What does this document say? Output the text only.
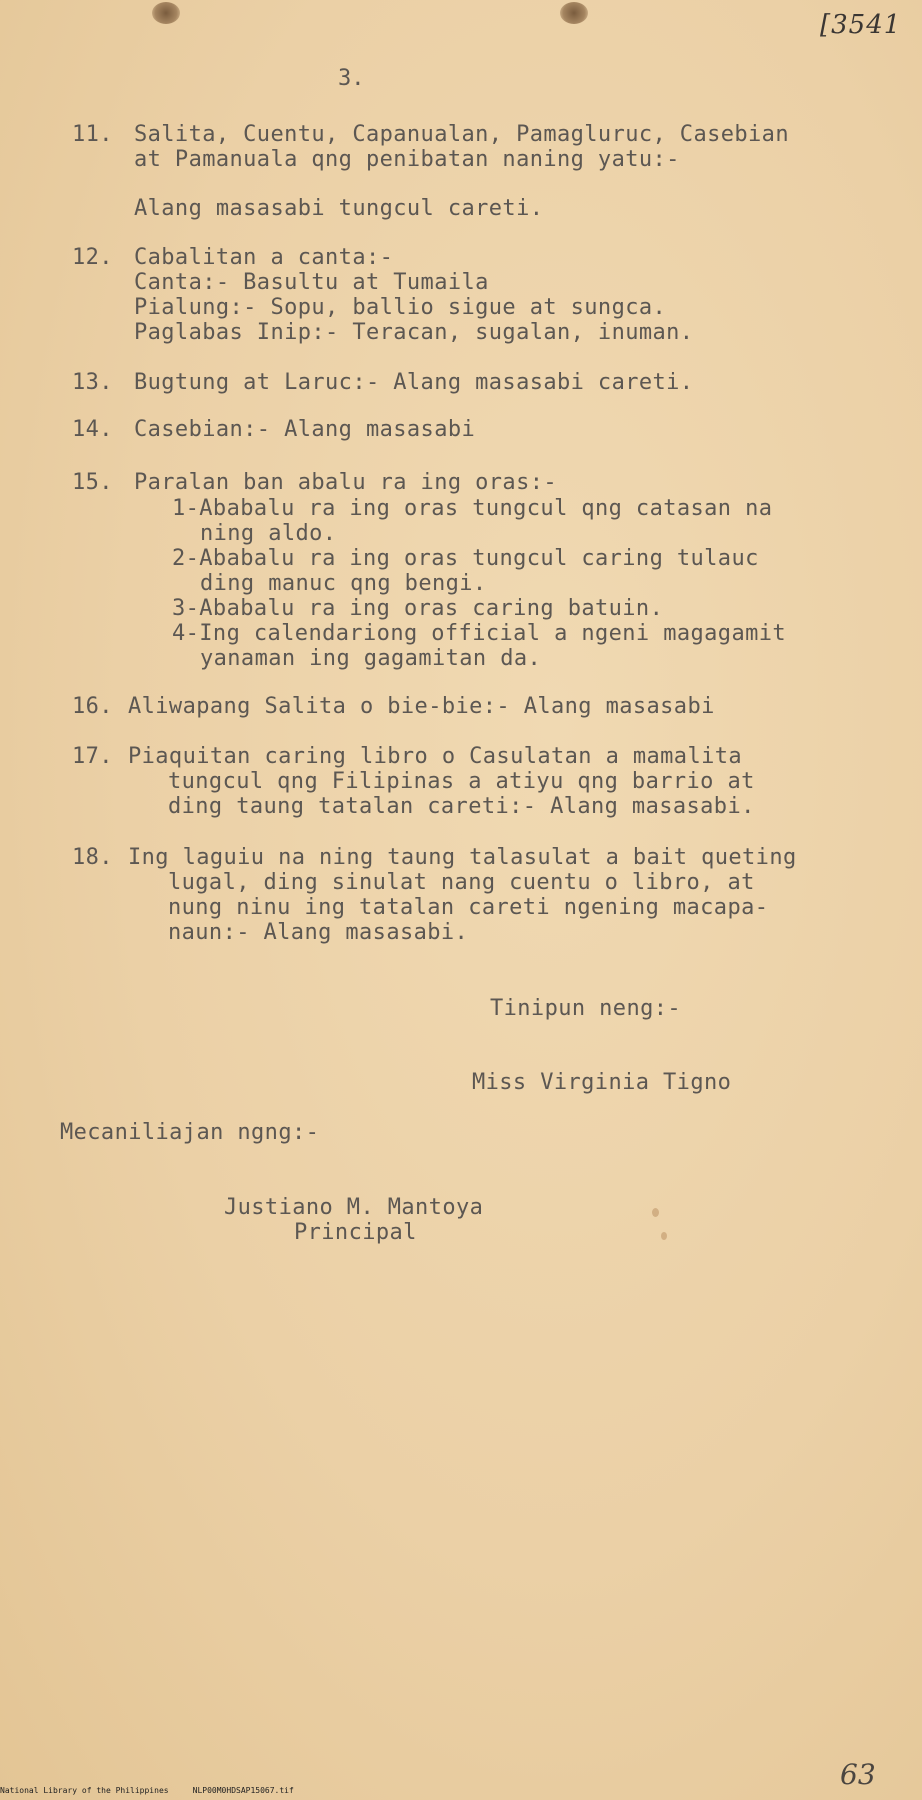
[3541
3.
11. Salita, Cuentu, Capanualan, Pamagluruc, Casebian
at Pamanuala qng penibatan naning yatu:-
Alang masasabi tungcul careti.
12. Cabalitan a canta:-
Canta:- Basultu at Tumaila
Pialung:- Sopu, ballio sigue at sungca.
Paglabas Inip:- Teracan, sugalan, inuman.
13. Bugtung at Laruc:- Alang masasabi careti.
14. Casebian:- Alang masasabi
15. Paralan ban abalu ra ing oras:-
1-Ababalu ra ing oras tungcul qng catasan na
ning aldo.
2-Ababalu ra ing oras tungcul caring tulauc
ding manuc qng bengi.
3-Ababalu ra ing oras caring batuin.
4-Ing calendariong official a ngeni magagamit
yanaman ing gagamitan da.
16. Aliwapang Salita o bie-bie:- Alang masasabi
17. Piaquitan caring libro o Casulatan a mamalita
tungcul qng Filipinas a atiyu qng barrio at
ding taung tatalan careti:- Alang masasabi.
18. Ing laguiu na ning taung talasulat a bait queting
lugal, ding sinulat nang cuentu o libro, at
nung ninu ing tatalan careti ngening macapa-
naun:- Alang masasabi.
Tinipun neng:-
Miss Virginia Tigno
Mecaniliajan ngng:-
Justiano M. Mantoya
Principal
63
National Library of the Philippines     NLP00M0HDSAP15067.tif
